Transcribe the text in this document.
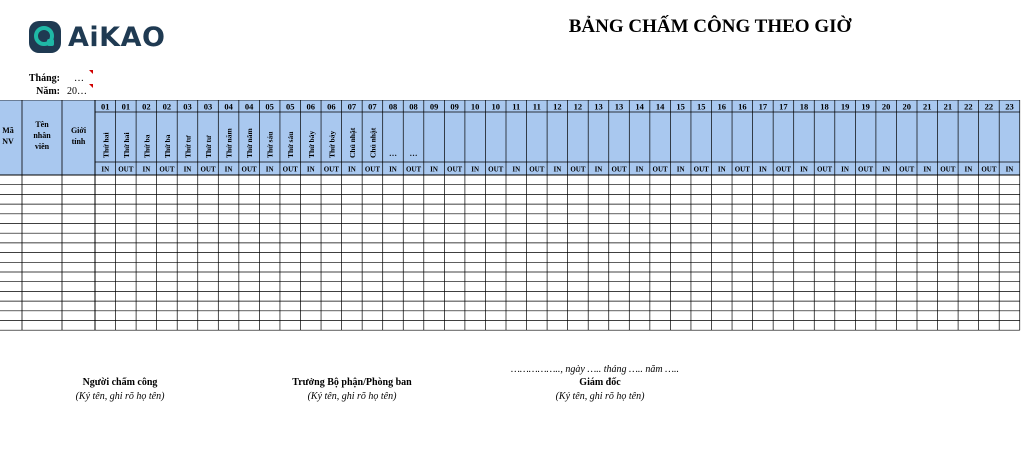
AiKAO	BẢNG CHẤM CÔNG THEO GIỜ
Tháng: …
Năm: 20…
Mã
NV
Tên
nhân
viên
Giới
tính
01
Thứ hai
IN
01
Thứ hai
OUT
02
Thứ ba
IN
02
Thứ ba
OUT
03
Thứ tư
IN
03
Thứ tư
OUT
04
Thứ năm
IN
04
Thứ năm
OUT
05
Thứ sáu
IN
05
Thứ sáu
OUT
06
Thứ bảy
IN
06
Thứ bảy
OUT
07
Chủ nhật
IN
07
Chủ nhật
OUT
08
…
IN
08
…
OUT
09
IN
09
OUT
10
IN
10
OUT
11
IN
11
OUT
12
IN
12
OUT
13
IN
13
OUT
14
IN
14
OUT
15
IN
15
OUT
16
IN
16
OUT
17
IN
17
OUT
18
IN
18
OUT
19
IN
19
OUT
20
IN
20
OUT
21
IN
21
OUT
22
IN
22
OUT
23
IN
…………….., ngày ….. tháng ….. năm …..
Người chấm công
(Ký tên, ghi rõ họ tên)
Trưởng Bộ phận/Phòng ban
(Ký tên, ghi rõ họ tên)
Giám đốc
(Ký tên, ghi rõ họ tên)
